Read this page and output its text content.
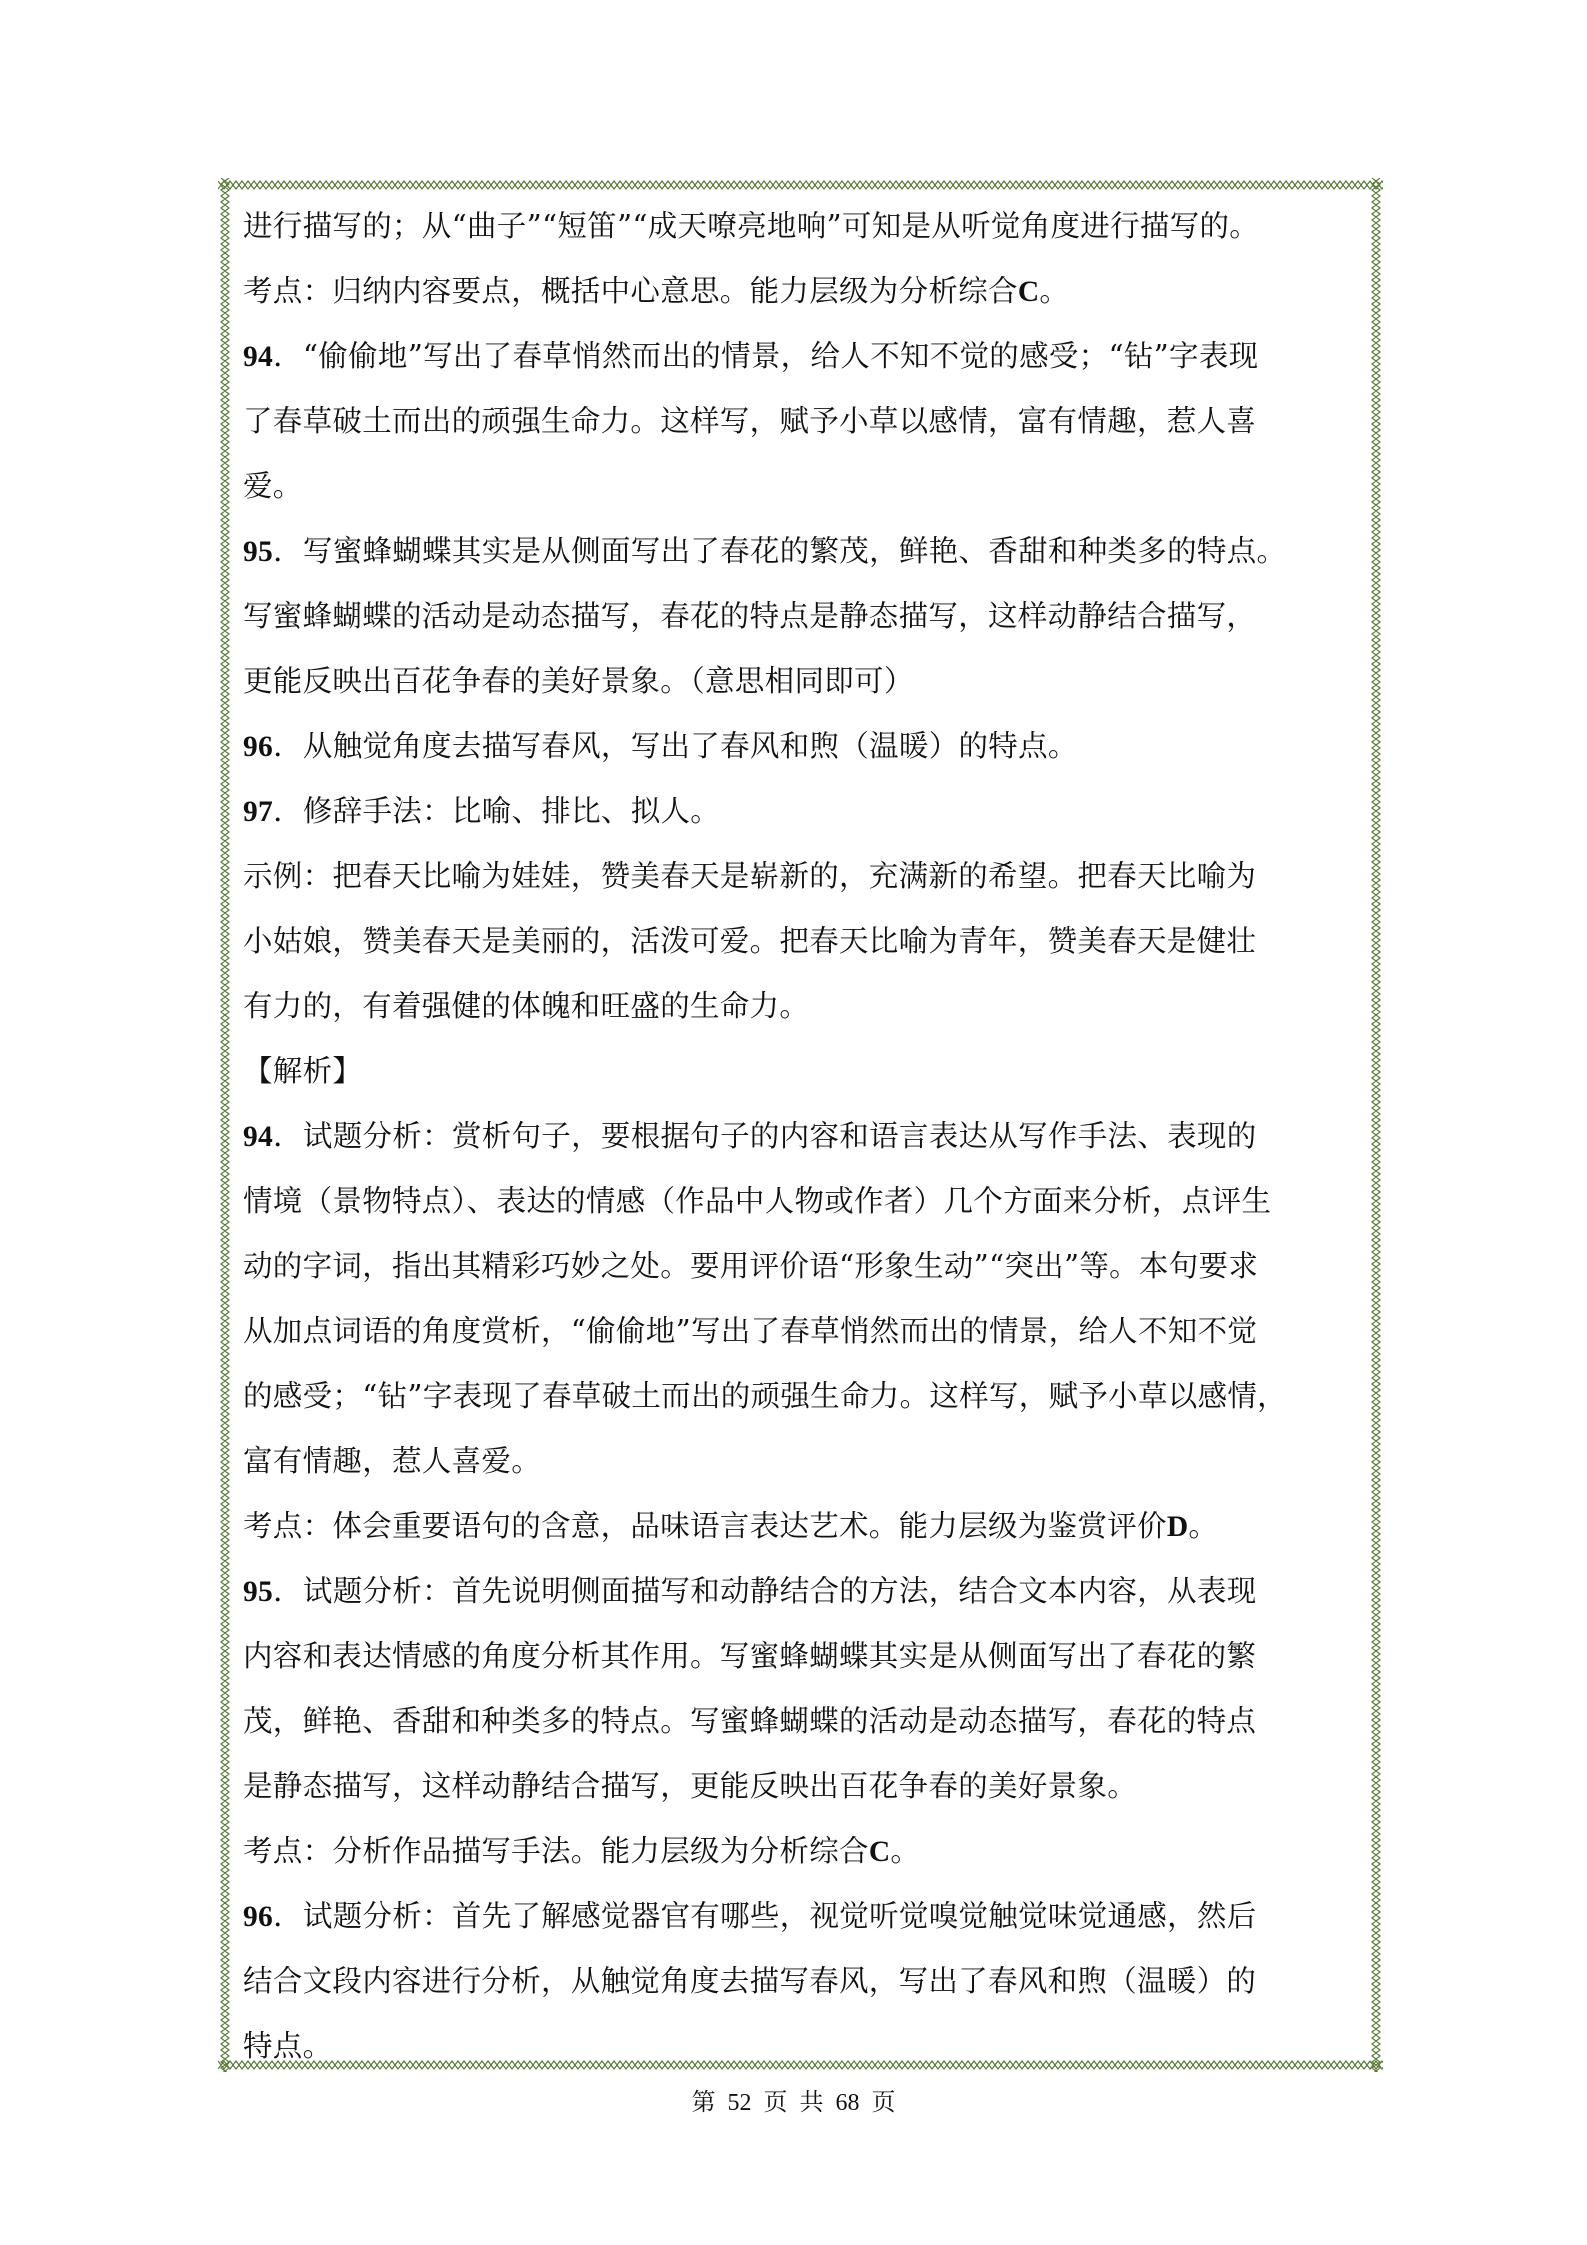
进行描写的；从“曲子”“短笛”“成天嘹亮地响”可知是从听觉角度进行描写的。
考点：归纳内容要点，概括中心意思。能力层级为分析综合C。
94．“偷偷地”写出了春草悄然而出的情景，给人不知不觉的感受；“钻”字表现
了春草破土而出的顽强生命力。这样写，赋予小草以感情，富有情趣，惹人喜
爱。
95．写蜜蜂蝴蝶其实是从侧面写出了春花的繁茂，鲜艳、香甜和种类多的特点。
写蜜蜂蝴蝶的活动是动态描写，春花的特点是静态描写，这样动静结合描写，
更能反映出百花争春的美好景象。（意思相同即可）
96．从触觉角度去描写春风，写出了春风和煦（温暖）的特点。
97．修辞手法：比喻、排比、拟人。
示例：把春天比喻为娃娃，赞美春天是崭新的，充满新的希望。把春天比喻为
小姑娘，赞美春天是美丽的，活泼可爱。把春天比喻为青年，赞美春天是健壮
有力的，有着强健的体魄和旺盛的生命力。
【解析】
94．试题分析：赏析句子，要根据句子的内容和语言表达从写作手法、表现的
情境（景物特点）、表达的情感（作品中人物或作者）几个方面来分析，点评生
动的字词，指出其精彩巧妙之处。要用评价语“形象生动”“突出”等。本句要求
从加点词语的角度赏析，“偷偷地”写出了春草悄然而出的情景，给人不知不觉
的感受；“钻”字表现了春草破土而出的顽强生命力。这样写，赋予小草以感情，
富有情趣，惹人喜爱。
考点：体会重要语句的含意，品味语言表达艺术。能力层级为鉴赏评价D。
95．试题分析：首先说明侧面描写和动静结合的方法，结合文本内容，从表现
内容和表达情感的角度分析其作用。写蜜蜂蝴蝶其实是从侧面写出了春花的繁
茂，鲜艳、香甜和种类多的特点。写蜜蜂蝴蝶的活动是动态描写，春花的特点
是静态描写，这样动静结合描写，更能反映出百花争春的美好景象。
考点：分析作品描写手法。能力层级为分析综合C。
96．试题分析：首先了解感觉器官有哪些，视觉听觉嗅觉触觉味觉通感，然后
结合文段内容进行分析，从触觉角度去描写春风，写出了春风和煦（温暖）的
特点。
第 52 页 共 68 页
